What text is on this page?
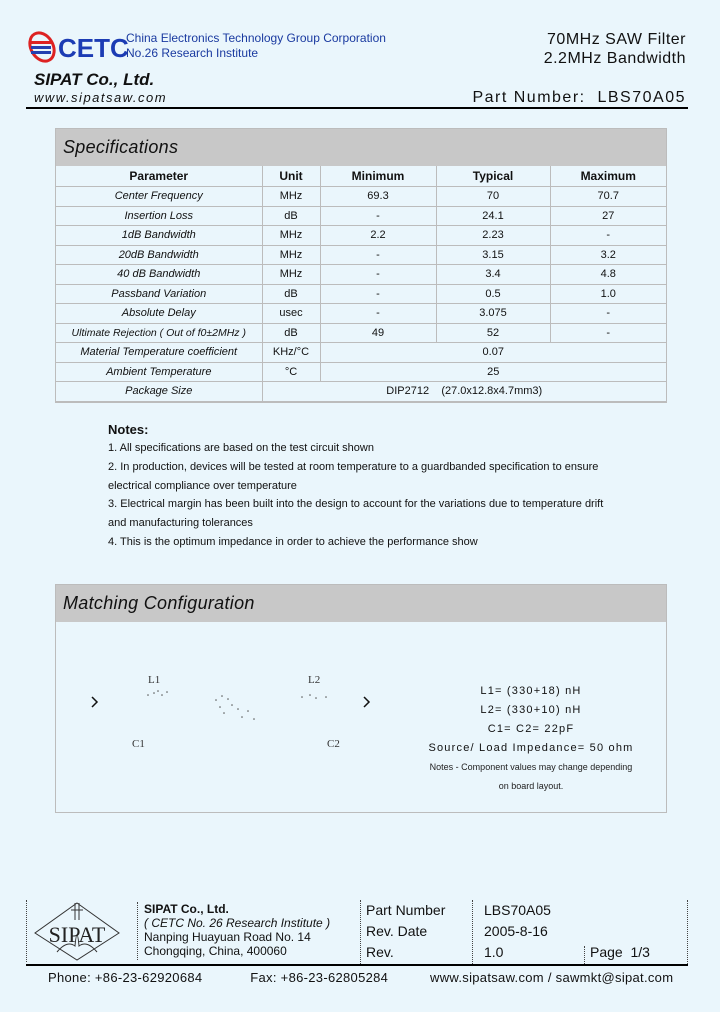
CETC
China Electronics Technology Group Corporation
No.26 Research Institute
SIPAT Co., Ltd.
www.sipatsaw.com
70MHz SAW Filter
2.2MHz Bandwidth
Part Number: LBS70A05
Specifications
Parameter	Unit	Minimum	Typical	Maximum
Center Frequency	MHz	69.3	70	70.7
Insertion Loss	dB	-	24.1	27
1dB Bandwidth	MHz	2.2	2.23	-
20dB Bandwidth	MHz	-	3.15	3.2
40 dB Bandwidth	MHz	-	3.4	4.8
Passband Variation	dB	-	0.5	1.0
Absolute Delay	usec	-	3.075	-
Ultimate Rejection ( Out of f0±2MHz )	dB	49	52	-
Material Temperature coefficient	KHz/°C	0.07		
Ambient Temperature	°C	25		
Package Size	DIP2712    (27.0x12.8x4.7mm3)			
Notes:
1. All specifications are based on the test circuit shown
2. In production, devices will be tested at room temperature to a guardbanded specification to ensure
electrical compliance over temperature
3. Electrical margin has been built into the design to account for the variations due to temperature drift
and manufacturing tolerances
4. This is the optimum impedance in order to achieve the performance show
Matching Configuration
L1	L2
C1	C2
L1= (330+18) nH
L2= (330+10) nH
C1= C2= 22pF
Source/ Load Impedance= 50 ohm
Notes - Component values may change depending
on board layout.
SIPAT
SIPAT Co., Ltd.
( CETC No. 26 Research Institute )
Nanping Huayuan Road No. 14
Chongqing, China, 400060
Part Number	LBS70A05
Rev. Date	2005-8-16
Rev.	1.0	Page 1/3
Phone: +86-23-62920684	Fax: +86-23-62805284	www.sipatsaw.com / sawmkt@sipat.com
